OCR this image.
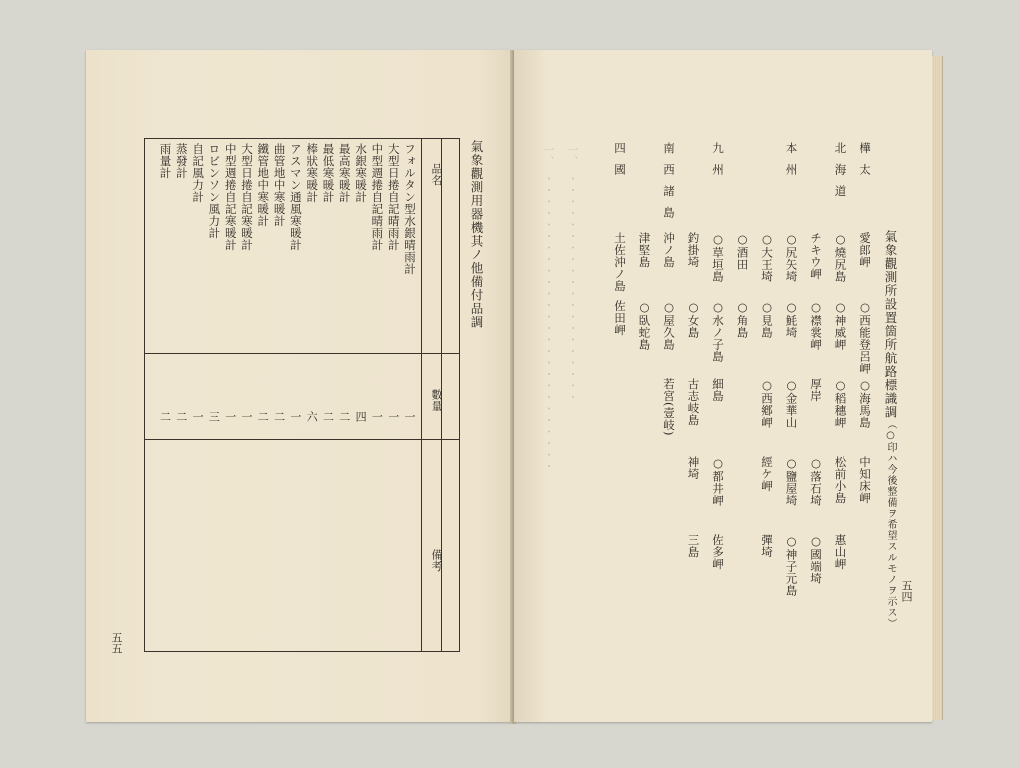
品名
數量
備考
フォルタン型水銀晴雨計
一
大型日捲自記晴雨計
一
中型週捲自記晴雨計
一
水銀寒暖計
四
最高寒暖計
二
最低寒暖計
二
棒狀寒暖計
六
アスマン通風寒暖計
一
曲管地中寒暖計
二
鐵管地中寒暖計
二
大型日捲自記寒暖計
一
中型週捲自記寒暖計
一
ロビンソン風力計
三
自記風力計
一
蒸發計
二
雨量計
二
氣象觀測用器機其ノ他備付品調
五五
氣象觀測所設置箇所航路標識調（○印ハ今後整備ヲ希望スルモノヲ示ス） 五四
一、　・・・・・・・・・・・・・・・・・・・・・・・・・・ 一、　・・・・・・・・・・・・・・・・・・・・	樺太
愛郎岬
○西能登呂岬
○海馬島
中知床岬
北海道
○燒尻島
○神威岬
○稻穗岬
松前小島
惠山岬
チキウ岬
○襟裳岬
厚岸
○落石埼
○國端埼
本州
○尻矢埼
○魹埼
○金華山
○鹽屋埼
○神子元島
○大王埼
○見島
○西鄕岬
經ケ岬
彈埼
○酒田
○角島
九州
○草垣島
○水ノ子島
細島
○都井岬
佐多岬
釣掛埼
○女島
古志岐島
神埼
三島
南西諸島
沖ノ島
○屋久島
若宮(壹岐)
津堅島
○臥蛇島
四國
土佐沖ノ島
佐田岬
